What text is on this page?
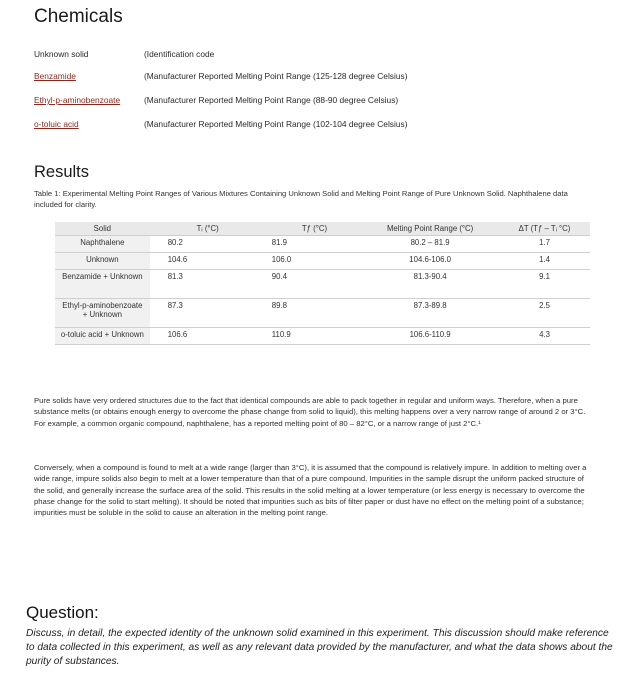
Chemicals
Unknown solid	(Identification code
Benzamide	(Manufacturer Reported Melting Point Range (125-128 degree Celsius)
Ethyl-p-aminobenzoate	(Manufacturer Reported Melting Point Range (88-90 degree Celsius)
o-toluic acid	(Manufacturer Reported Melting Point Range (102-104 degree Celsius)
Results
Table 1: Experimental Melting Point Ranges of Various Mixtures Containing Unknown Solid and Melting Point Range of Pure Unknown Solid. Naphthalene data included for clarity.
Solid	Tᵢ (°C)	Tƒ (°C)	Melting Point Range (°C)	ΔT (Tƒ – Tᵢ °C)
Naphthalene	80.2	81.9	80.2 – 81.9	1.7
Unknown	104.6	106.0	104.6-106.0	1.4
Benzamide + Unknown	81.3	90.4	81.3-90.4	9.1
Ethyl-p-aminobenzoate + Unknown	87.3	89.8	87.3-89.8	2.5
o-toluic acid + Unknown	106.6	110.9	106.6-110.9	4.3

Pure solids have very ordered structures due to the fact that identical compounds are able to pack together in regular and uniform ways. Therefore, when a pure substance melts (or obtains enough energy to overcome the phase change from solid to liquid), this melting happens over a very narrow range of around 2 or 3°C. For example, a common organic compound, naphthalene, has a reported melting point of 80 – 82°C, or a narrow range of just 2°C.¹

Conversely, when a compound is found to melt at a wide range (larger than 3°C), it is assumed that the compound is relatively impure. In addition to melting over a wide range, impure solids also begin to melt at a lower temperature than that of a pure compound. Impurities in the sample disrupt the uniform packed structure of the solid, and generally increase the surface area of the solid. This results in the solid melting at a lower temperature (or less energy is necessary to overcome the phase change for the solid to start melting). It should be noted that impurities such as bits of filter paper or dust have no effect on the melting point of a substance; impurities must be soluble in the solid to cause an alteration in the melting point range.

Question:

Discuss, in detail, the expected identity of the unknown solid examined in this experiment. This discussion should make reference to data collected in this experiment, as well as any relevant data provided by the manufacturer, and what the data shows about the purity of substances.
